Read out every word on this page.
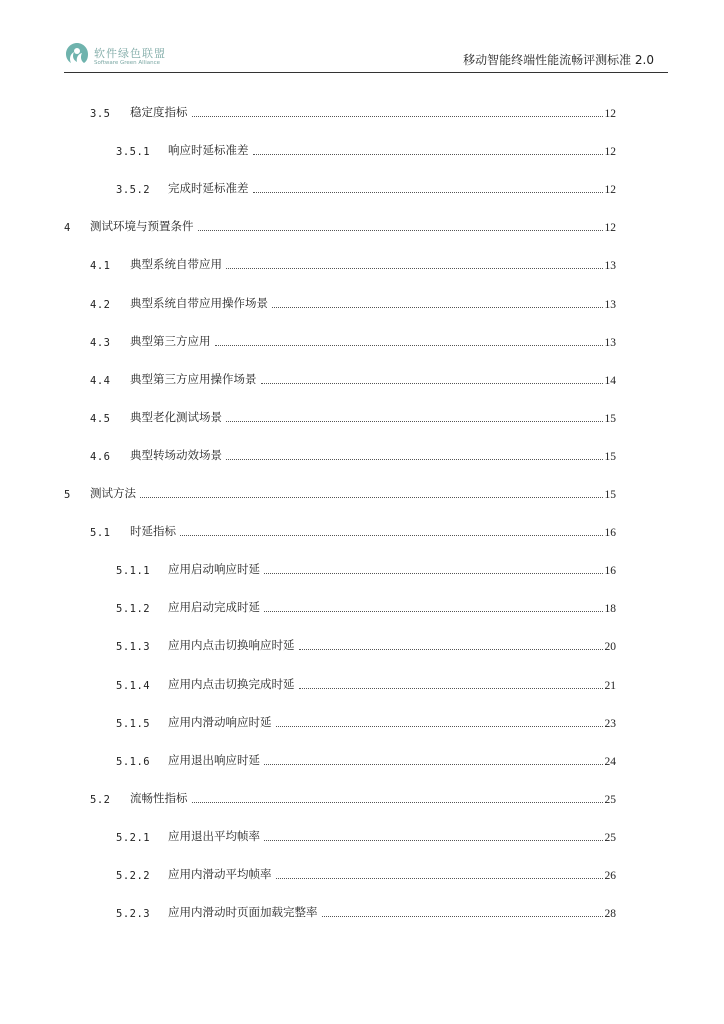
软件绿色联盟
Software Green Alliance	移动智能终端性能流畅评测标准 2.0
3.5	稳定度指标	12
3.5.1	响应时延标准差	12
3.5.2	完成时延标准差	12
4	测试环境与预置条件	12
4.1	典型系统自带应用	13
4.2	典型系统自带应用操作场景	13
4.3	典型第三方应用	13
4.4	典型第三方应用操作场景	14
4.5	典型老化测试场景	15
4.6	典型转场动效场景	15
5	测试方法	15
5.1	时延指标	16
5.1.1	应用启动响应时延	16
5.1.2	应用启动完成时延	18
5.1.3	应用内点击切换响应时延	20
5.1.4	应用内点击切换完成时延	21
5.1.5	应用内滑动响应时延	23
5.1.6	应用退出响应时延	24
5.2	流畅性指标	25
5.2.1	应用退出平均帧率	25
5.2.2	应用内滑动平均帧率	26
5.2.3	应用内滑动时页面加载完整率	28
